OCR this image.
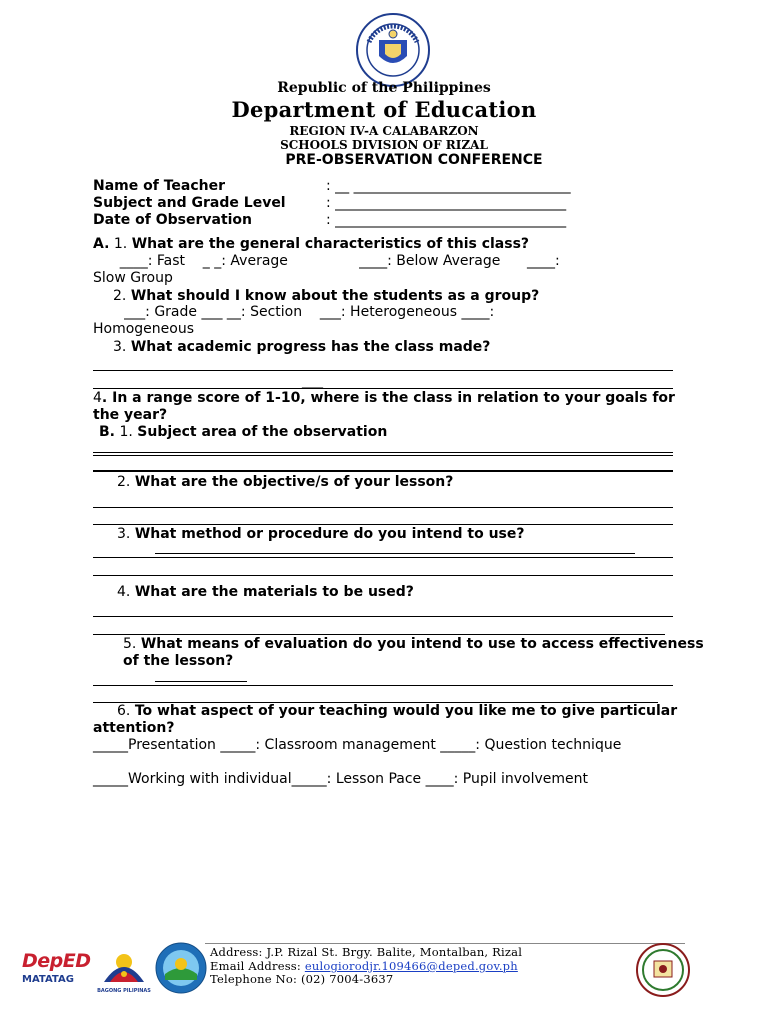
Republic of the Philippines
Department of Education
REGION IV-A CALABARZON
SCHOOLS DIVISION OF RIZAL
PRE-OBSERVATION CONFERENCE
Name of Teacher	: __ _______________________________
Subject and Grade Level	: _________________________________
Date of Observation	: _________________________________
A. 1. What are the general characteristics of this class?
____: Fast    _ _: Average                ____: Below Average      ____:
Slow Group
2. What should I know about the students as a group?
___: Grade ___ __: Section    ___: Heterogeneous ____:
Homogeneous
3. What academic progress has the class made?
___
4. In a range score of 1-10, where is the class in relation to your goals for the year?
B. 1. Subject area of the observation
2. What are the objective/s of your lesson?
3. What method or procedure do you intend to use?
4. What are the materials to be used?
5. What means of evaluation do you intend to use to access effectiveness of the lesson?
6. To what aspect of your teaching would you like me to give particular attention?
_____Presentation _____: Classroom management _____: Question technique
_____Working with individual_____: Lesson Pace ____: Pupil involvement
DepED
MATATAG
BAGONG PILIPINAS
Address: J.P. Rizal St. Brgy. Balite, Montalban, Rizal
Email Address: eulogiorodjr.109466@deped.gov.ph
Telephone No: (02) 7004-3637
